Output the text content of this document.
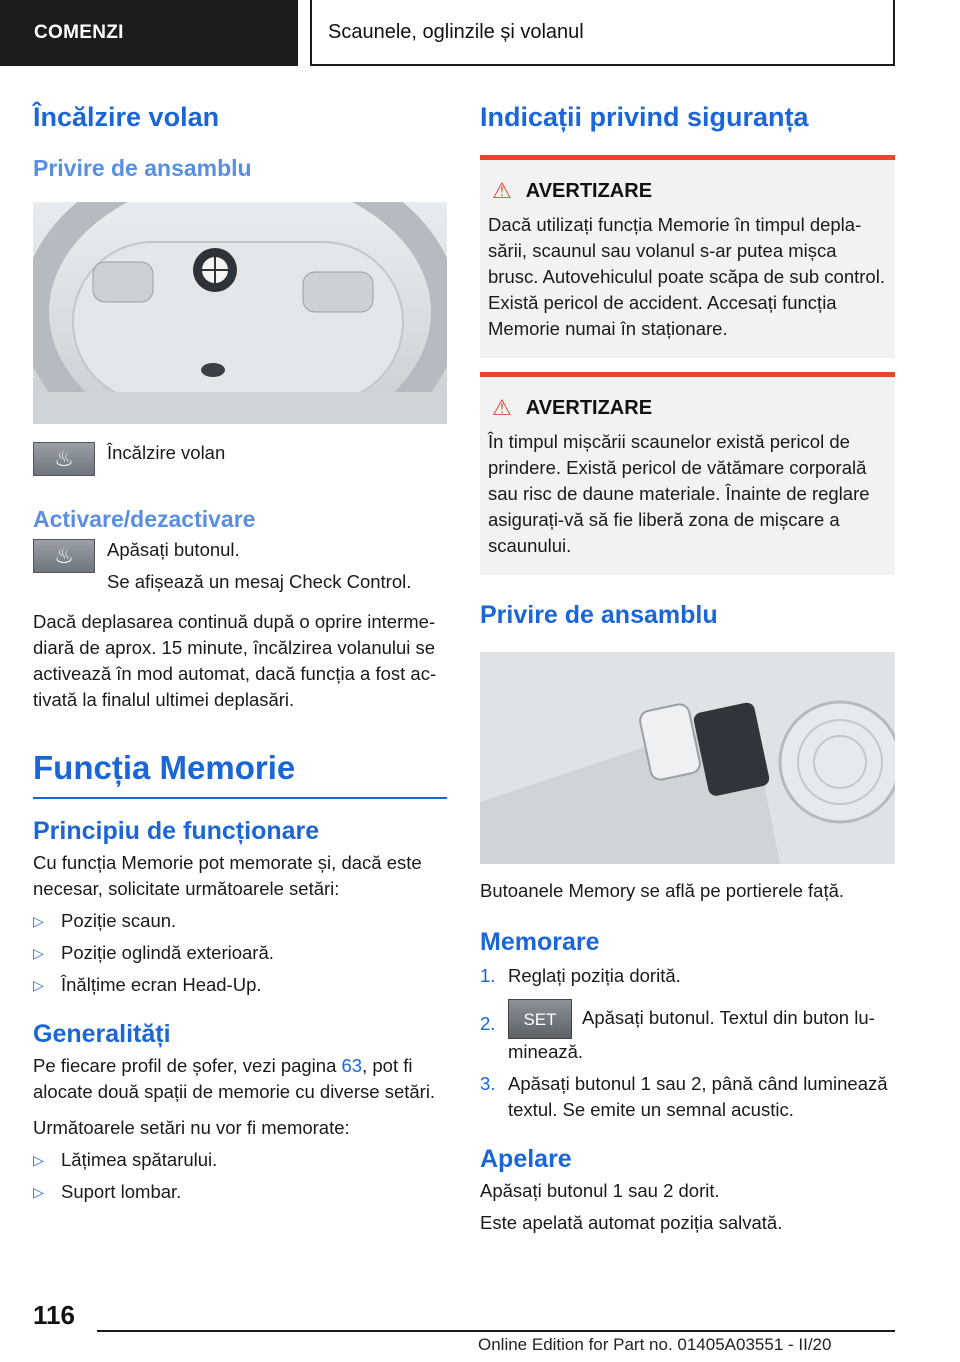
COMENZI	Scaunele, oglinzile și volanul
Încălzire volan
Privire de ansamblu
♨	Încălzire volan

Activare/dezactivare
♨	Apăsați butonul.

Se afișează un mesaj Check Control.

Dacă deplasarea continuă după o oprire intermediară de aprox. 15 minute, încălzirea volanului se activează în mod automat, dacă funcția a fost activată la finalul ultimei deplasări.

Funcția Memorie
Principiu de funcționare

Cu funcția Memorie pot memorate și, dacă este necesar, solicitate următoarele setări:

▷ Poziție scaun.
▷ Poziție oglindă exterioară.
▷ Înălțime ecran Head-Up.
Generalități

Pe fiecare profil de șofer, vezi pagina 63, pot fi alocate două spații de memorie cu diverse setări.

Următoarele setări nu vor fi memorate:

▷ Lățimea spătarului.
▷ Suport lombar.
Indicații privind siguranța
⚠ AVERTIZARE

Dacă utilizați funcția Memorie în timpul deplasării, scaunul sau volanul s-ar putea mișca brusc. Autovehiculul poate scăpa de sub control. Există pericol de accident. Accesați funcția Memorie numai în staționare.

⚠ AVERTIZARE

În timpul mișcării scaunelor există pericol de prindere. Există pericol de vătămare corporală sau risc de daune materiale. Înainte de reglare asigurați-vă să fie liberă zona de mișcare a scaunului.

Privire de ansamblu

Butoanele Memory se află pe portierele față.

Memorare
1. Reglați poziția dorită.
2. SET Apăsați butonul. Textul din buton luminează.
3. Apăsați butonul 1 sau 2, până când luminează textul. Se emite un semnal acustic.
Apelare

Apăsați butonul 1 sau 2 dorit.

Este apelată automat poziția salvată.

116
Online Edition for Part no. 01405A03551 - II/20
